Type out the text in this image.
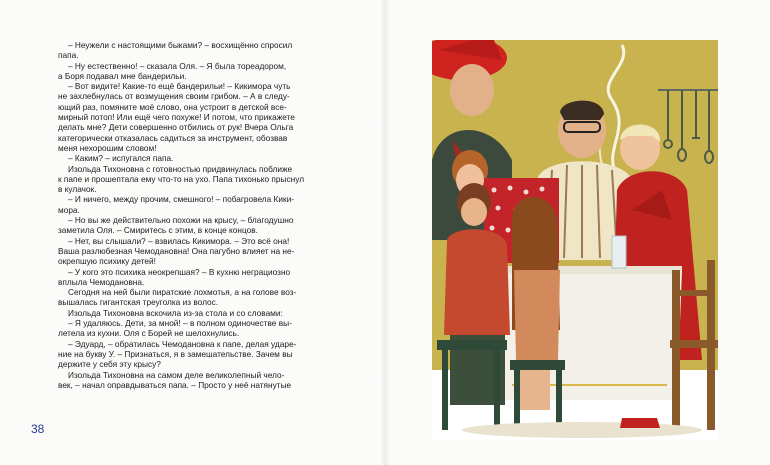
– Неужели с настоящими быками? – восхищённо спросил
папа.
– Ну естественно! – сказала Оля. – Я была тореадором,
а Боря подавал мне бандерильи.
– Вот видите! Какие-то ещё бандерильи! – Кикимора чуть
не захлебнулась от возмущения своим грибом. – А в следу-
ющий раз, помяните моё слово, она устроит в детской все-
мирный потоп! Или ещё чего похуже! И потом, что прикажете
делать мне? Дети совершенно отбились от рук! Вчера Ольга
категорически отказалась садиться за инструмент, обозвав
меня нехорошим словом!
– Каким? – испугался папа.
Изольда Тихоновна с готовностью придвинулась поближе
к папе и прошептала ему что-то на ухо. Папа тихонько прыснул
в кулачок.
– И ничего, между прочим, смешного! – побагровела Кики-
мора.
– Но вы же действительно похожи на крысу, – благодушно
заметила Оля. – Смиритесь с этим, в конце концов.
– Нет, вы слышали? – взвилась Кикимора. – Это всё она!
Ваша разлюбезная Чемодановна! Она пагубно влияет на не-
окрепшую психику детей!
– У кого это психика неокрепшая? – В кухню неграциозно
вплыла Чемодановна.
Сегодня на ней были пиратские лохмотья, а на голове воз-
вышалась гигантская треуголка из волос.
Изольда Тихоновна вскочила из-за стола и со словами:
– Я удаляюсь. Дети, за мной! – в полном одиночестве вы-
летела из кухни. Оля с Борей не шелохнулись.
– Эдуард, – обратилась Чемодановна к папе, делая ударе-
ние на букву У. – Признаться, я в замешательстве. Зачем вы
держите у себя эту крысу?
Изольда Тихоновна на самом деле великолепный чело-
век, – начал оправдываться папа. – Просто у неё натянутые
38
